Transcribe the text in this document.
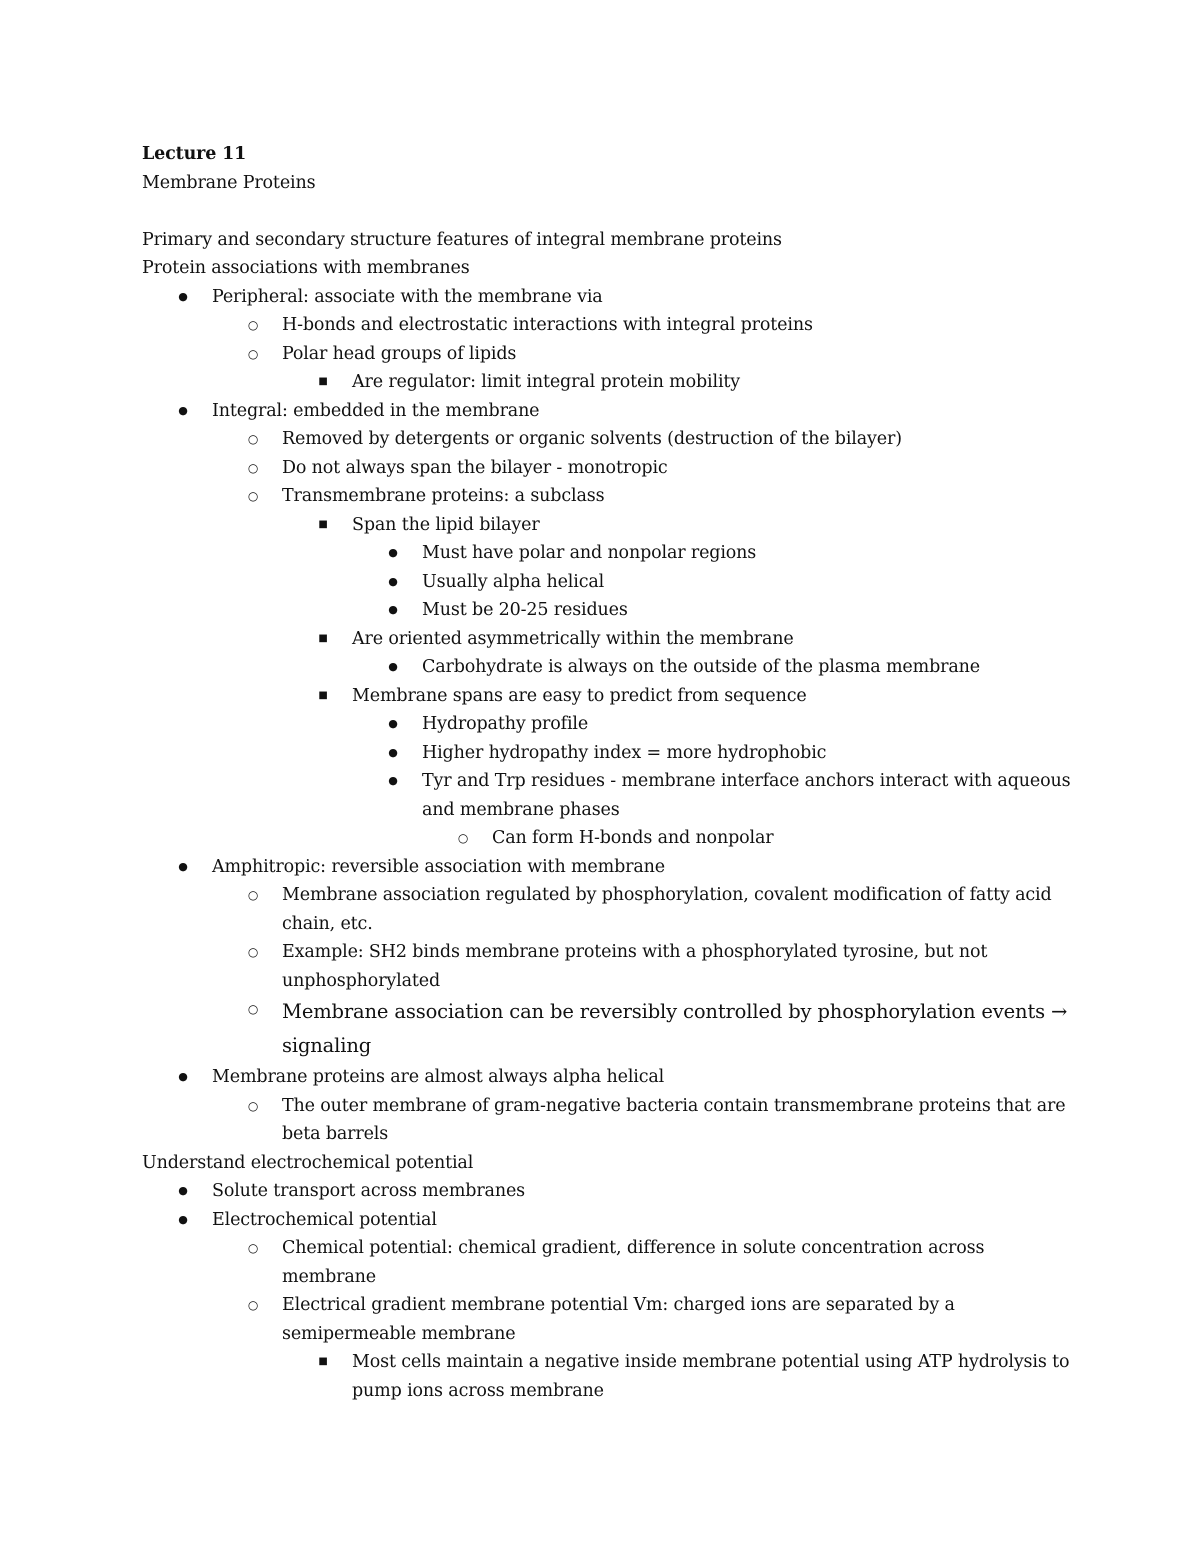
Lecture 11
Membrane Proteins
Primary and secondary structure features of integral membrane proteins
Protein associations with membranes
●	Peripheral: associate with the membrane via
○ H-bonds and electrostatic interactions with integral proteins
○ Polar head groups of lipids
■	Are regulator: limit integral protein mobility
●	Integral: embedded in the membrane
○ Removed by detergents or organic solvents (destruction of the bilayer)
○ Do not always span the bilayer - monotropic
○ Transmembrane proteins: a subclass
■	Span the lipid bilayer
●	Must have polar and nonpolar regions
●	Usually alpha helical
●	Must be 20-25 residues
■	Are oriented asymmetrically within the membrane
●	Carbohydrate is always on the outside of the plasma membrane
■	Membrane spans are easy to predict from sequence
●	Hydropathy profile
●	Higher hydropathy index = more hydrophobic
●	Tyr and Trp residues - membrane interface anchors interact with aqueous and membrane phases
○ Can form H-bonds and nonpolar
●	Amphitropic: reversible association with membrane
○ Membrane association regulated by phosphorylation, covalent modification of fatty acid chain, etc.
○ Example: SH2 binds membrane proteins with a phosphorylated tyrosine, but not unphosphorylated
○ Membrane association can be reversibly controlled by phosphorylation events → signaling
●	Membrane proteins are almost always alpha helical
○ The outer membrane of gram-negative bacteria contain transmembrane proteins that are beta barrels
Understand electrochemical potential
●	Solute transport across membranes
●	Electrochemical potential
○ Chemical potential: chemical gradient, difference in solute concentration across membrane
○ Electrical gradient membrane potential Vm: charged ions are separated by a semipermeable membrane
■	Most cells maintain a negative inside membrane potential using ATP hydrolysis to pump ions across membrane
